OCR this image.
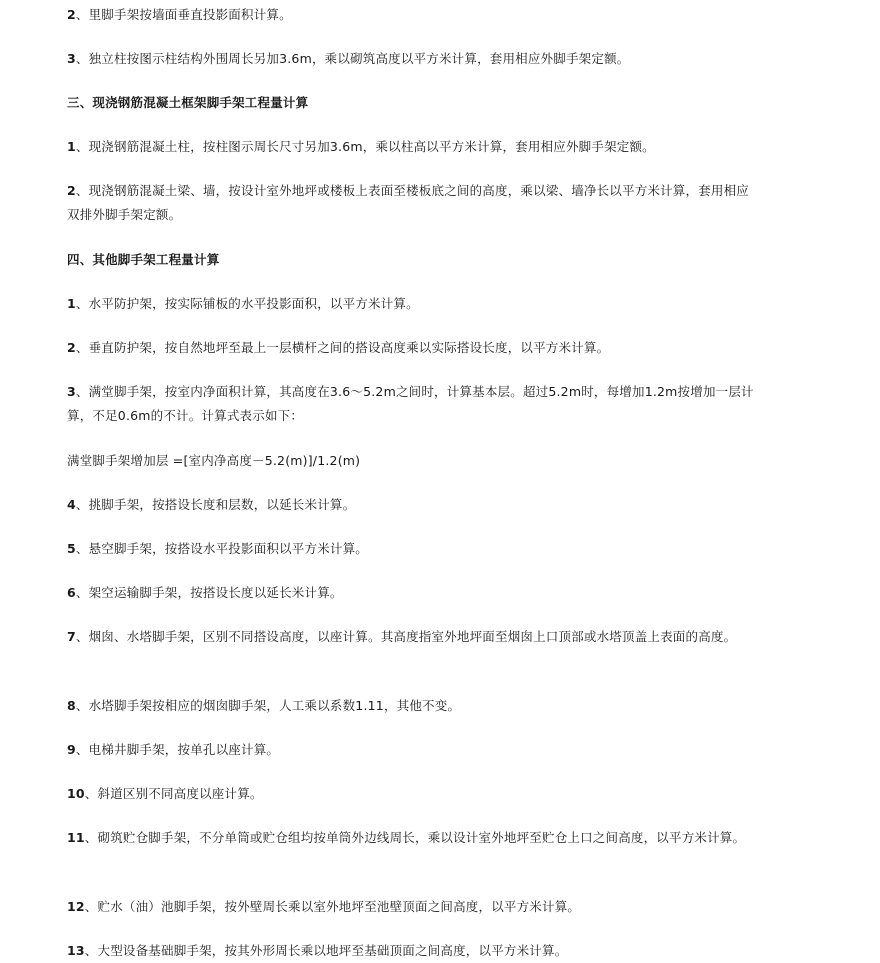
2、里脚手架按墙面垂直投影面积计算。
3、独立柱按图示柱结构外围周长另加3.6m，乘以砌筑高度以平方米计算，套用相应外脚手架定额。
三、现浇钢筋混凝土框架脚手架工程量计算
1、现浇钢筋混凝土柱，按柱图示周长尺寸另加3.6m，乘以柱高以平方米计算，套用相应外脚手架定额。
2、现浇钢筋混凝土梁、墙，按设计室外地坪或楼板上表面至楼板底之间的高度，乘以梁、墙净长以平方米计算，套用相应双排外脚手架定额。
四、其他脚手架工程量计算
1、水平防护架，按实际铺板的水平投影面积，以平方米计算。
2、垂直防护架，按自然地坪至最上一层横杆之间的搭设高度乘以实际搭设长度，以平方米计算。
3、满堂脚手架，按室内净面积计算，其高度在3.6～5.2m之间时，计算基本层。超过5.2m时，每增加1.2m按增加一层计算，不足0.6m的不计。计算式表示如下：
满堂脚手架增加层 =[室内净高度－5.2(m)]/1.2(m)
4、挑脚手架，按搭设长度和层数，以延长米计算。
5、悬空脚手架，按搭设水平投影面积以平方米计算。
6、架空运输脚手架，按搭设长度以延长米计算。
7、烟囱、水塔脚手架，区别不同搭设高度，以座计算。其高度指室外地坪面至烟囱上口顶部或水塔顶盖上表面的高度。
8、水塔脚手架按相应的烟囱脚手架，人工乘以系数1.11，其他不变。
9、电梯井脚手架，按单孔以座计算。
10、斜道区别不同高度以座计算。
11、砌筑贮仓脚手架，不分单筒或贮仓组均按单筒外边线周长，乘以设计室外地坪至贮仓上口之间高度，以平方米计算。
12、贮水（油）池脚手架，按外壁周长乘以室外地坪至池壁顶面之间高度，以平方米计算。
13、大型设备基础脚手架，按其外形周长乘以地坪至基础顶面之间高度，以平方米计算。
